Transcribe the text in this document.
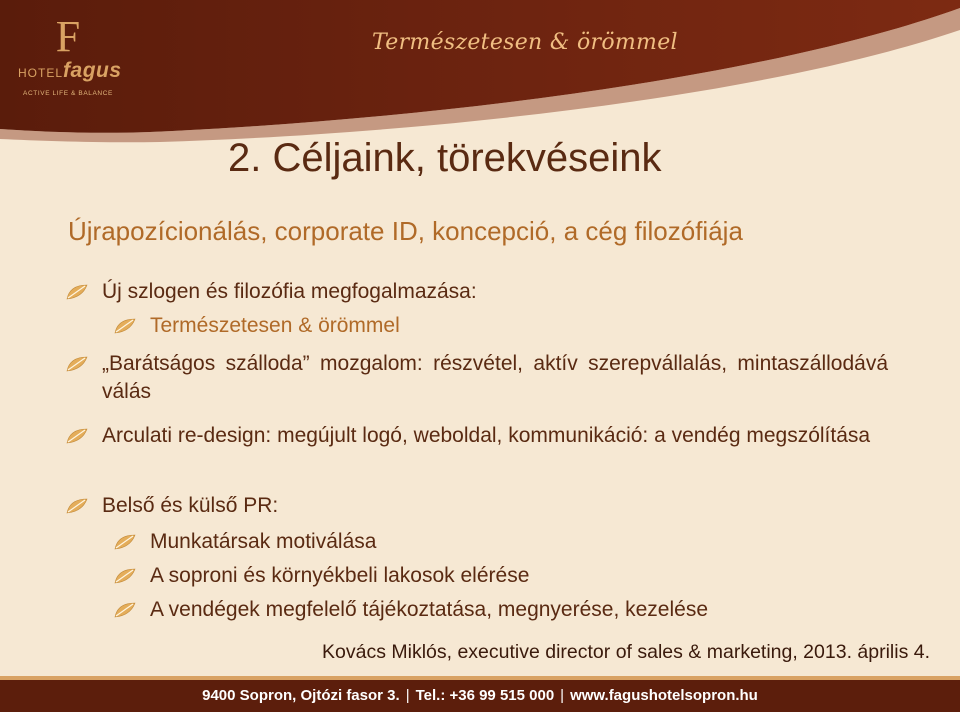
F
HOTELfagus
ACTIVE LIFE & BALANCE
Természetesen & örömmel
2. Céljaink, törekvéseink
Újrapozícionálás, corporate ID, koncepció, a cég filozófiája
Új szlogen és filozófia megfogalmazása:
Természetesen & örömmel
„Barátságos szálloda” mozgalom: részvétel, aktív szerepvállalás, mintaszállodává válás
Arculati re-design: megújult logó, weboldal, kommunikáció: a vendég megszólítása
Belső és külső PR:
Munkatársak motiválása
A soproni és környékbeli lakosok elérése
A vendégek megfelelő tájékoztatása, megnyerése, kezelése
Kovács Miklós, executive director of sales & marketing, 2013. április 4.
9400 Sopron, Ojtózi fasor 3. | Tel.: +36 99 515 000 | www.fagushotelsopron.hu
